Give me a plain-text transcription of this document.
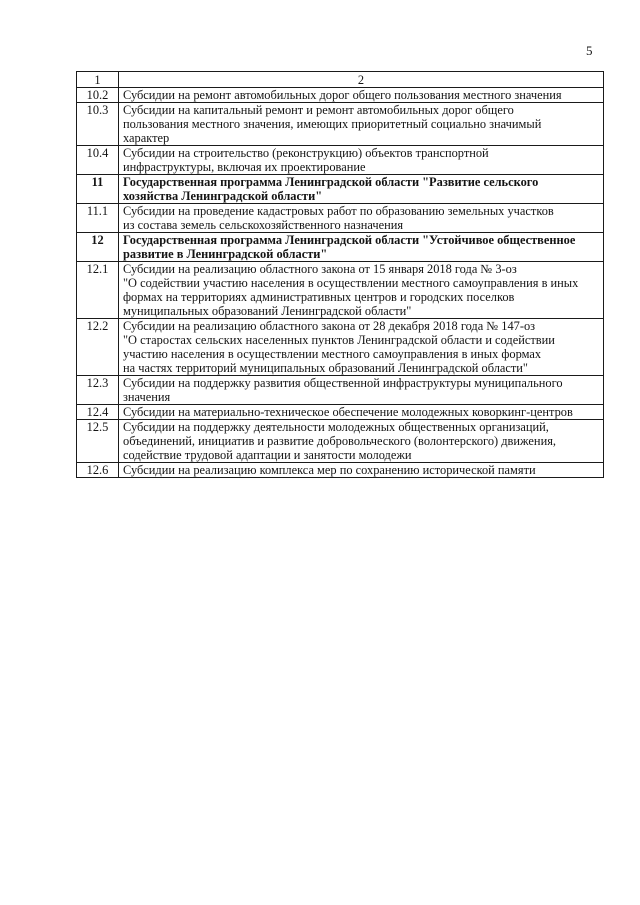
5
1	2
10.2	Субсидии на ремонт автомобильных дорог общего пользования местного значения

10.3	Субсидии на капитальный ремонт и ремонт автомобильных дорог общего
пользования местного значения, имеющих приоритетный социально значимый
характер

10.4	Субсидии на строительство (реконструкцию) объектов транспортной
инфраструктуры, включая их проектирование

11	Государственная программа Ленинградской области "Развитие сельского
хозяйства Ленинградской области"

11.1	Субсидии на проведение кадастровых работ по образованию земельных участков
из состава земель сельскохозяйственного назначения

12	Государственная программа Ленинградской области "Устойчивое общественное
развитие в Ленинградской области"

12.1	Субсидии на реализацию областного закона от 15 января 2018 года № 3-оз
"О содействии участию населения в осуществлении местного самоуправления в иных
формах на территориях административных центров и городских поселков
муниципальных образований Ленинградской области"

12.2	Субсидии на реализацию областного закона от 28 декабря 2018 года № 147-оз
"О старостах сельских населенных пунктов Ленинградской области и содействии
участию населения в осуществлении местного самоуправления в иных формах
на частях территорий муниципальных образований Ленинградской области"

12.3	Субсидии на поддержку развития общественной инфраструктуры муниципального
значения

12.4	Субсидии на материально-техническое обеспечение молодежных коворкинг-центров

12.5	Субсидии на поддержку деятельности молодежных общественных организаций,
объединений, инициатив и развитие добровольческого (волонтерского) движения,
содействие трудовой адаптации и занятости молодежи

12.6	Субсидии на реализацию комплекса мер по сохранению исторической памяти
